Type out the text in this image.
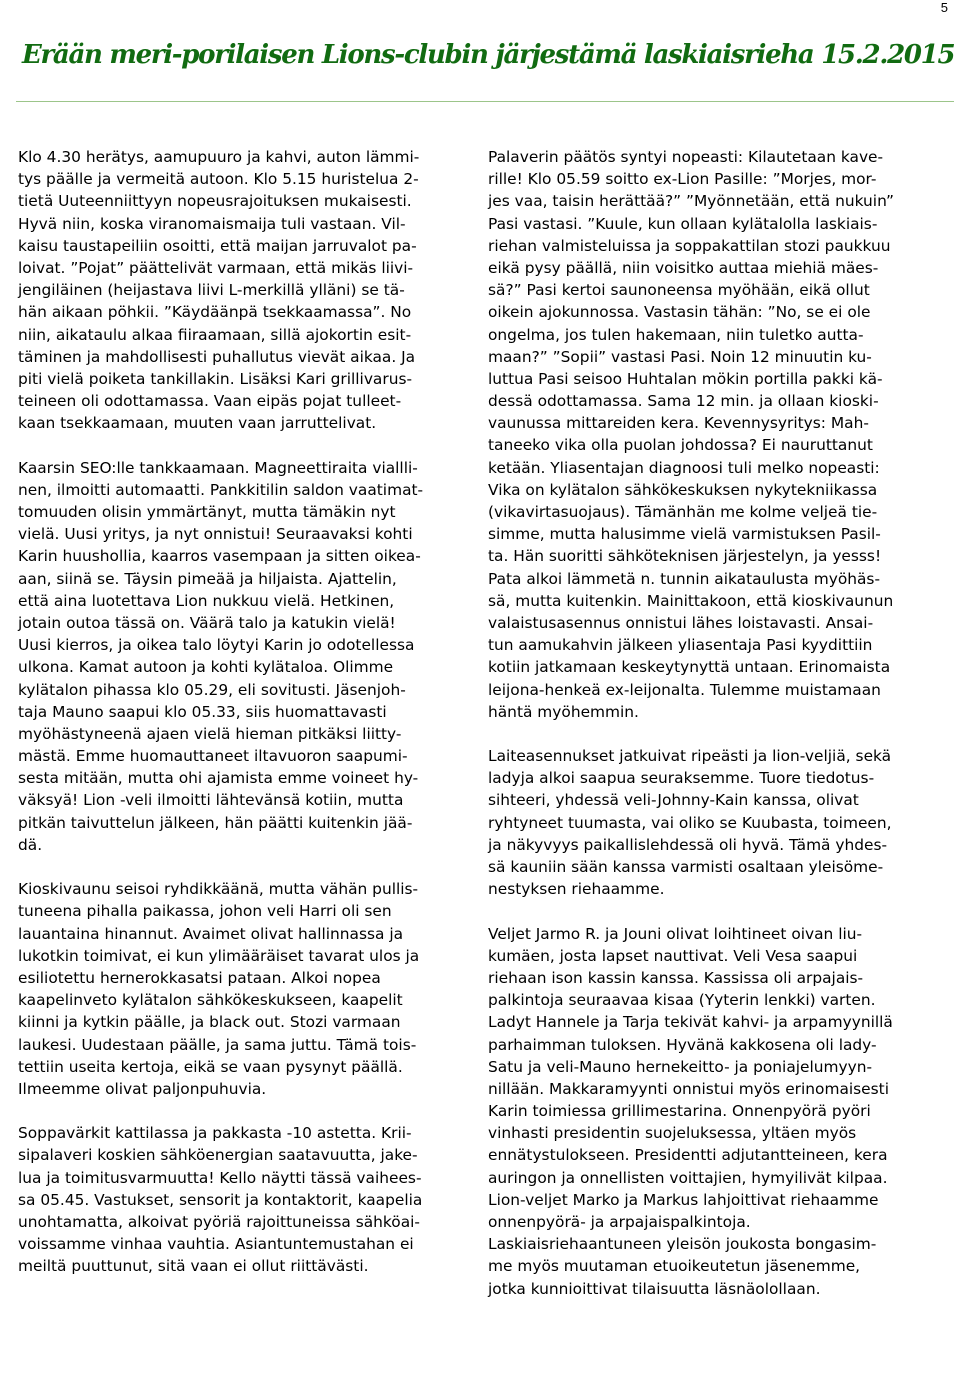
5
Erään meri-porilaisen Lions-clubin järjestämä laskiaisrieha 15.2.2015
Klo 4.30 herätys, aamupuuro ja kahvi, auton lämmi-
tys päälle ja vermeitä autoon. Klo 5.15 huristelua 2-
tietä Uuteenniittyyn nopeusrajoituksen mukaisesti.
Hyvä niin, koska viranomaismaija tuli vastaan. Vil-
kaisu taustapeiliin osoitti, että maijan jarruvalot pa-
loivat. ”Pojat” päättelivät varmaan, että mikäs liivi-
jengiläinen (heijastava liivi L-merkillä ylläni) se tä-
hän aikaan pöhkii. ”Käydäänpä tsekkaamassa”. No
niin, aikataulu alkaa fiiraamaan, sillä ajokortin esit-
täminen ja mahdollisesti puhallutus vievät aikaa. Ja
piti vielä poiketa tankillakin. Lisäksi Kari grillivarus-
teineen oli odottamassa. Vaan eipäs pojat tulleet-
kaan tsekkaamaan, muuten vaan jarruttelivat.
Kaarsin SEO:lle tankkaamaan. Magneettiraita viallli-
nen, ilmoitti automaatti. Pankkitilin saldon vaatimat-
tomuuden olisin ymmärtänyt, mutta tämäkin nyt
vielä. Uusi yritys, ja nyt onnistui! Seuraavaksi kohti
Karin huushollia, kaarros vasempaan ja sitten oikea-
aan, siinä se. Täysin pimeää ja hiljaista. Ajattelin,
että aina luotettava Lion nukkuu vielä. Hetkinen,
jotain outoa tässä on. Väärä talo ja katukin vielä!
Uusi kierros, ja oikea talo löytyi Karin jo odotellessa
ulkona. Kamat autoon ja kohti kylätaloa. Olimme
kylätalon pihassa klo 05.29, eli sovitusti. Jäsenjoh-
taja Mauno saapui klo 05.33, siis huomattavasti
myöhästyneenä ajaen vielä hieman pitkäksi liitty-
mästä. Emme huomauttaneet iltavuoron saapumi-
sesta mitään, mutta ohi ajamista emme voineet hy-
väksyä! Lion -veli ilmoitti lähtevänsä kotiin, mutta
pitkän taivuttelun jälkeen, hän päätti kuitenkin jää-
dä.
Kioskivaunu seisoi ryhdikkäänä, mutta vähän pullis-
tuneena pihalla paikassa, johon veli Harri oli sen
lauantaina hinannut. Avaimet olivat hallinnassa ja
lukotkin toimivat, ei kun ylimääräiset tavarat ulos ja
esiliotettu hernerokkasatsi pataan. Alkoi nopea
kaapelinveto kylätalon sähkökeskukseen, kaapelit
kiinni ja kytkin päälle, ja black out. Stozi varmaan
laukesi. Uudestaan päälle, ja sama juttu. Tämä tois-
tettiin useita kertoja, eikä se vaan pysynyt päällä.
Ilmeemme olivat paljonpuhuvia.
Soppavärkit kattilassa ja pakkasta -10 astetta. Krii-
sipalaveri koskien sähköenergian saatavuutta, jake-
lua ja toimitusvarmuutta! Kello näytti tässä vaihees-
sa 05.45. Vastukset, sensorit ja kontaktorit, kaapelia
unohtamatta, alkoivat pyöriä rajoittuneissa sähköai-
voissamme vinhaa vauhtia. Asiantuntemustahan ei
meiltä puuttunut, sitä vaan ei ollut riittävästi.
Palaverin päätös syntyi nopeasti: Kilautetaan kave-
rille! Klo 05.59 soitto ex-Lion Pasille: ”Morjes, mor-
jes vaa, taisin herättää?” ”Myönnetään, että nukuin”
Pasi vastasi. ”Kuule, kun ollaan kylätalolla laskiais-
riehan valmisteluissa ja soppakattilan stozi paukkuu
eikä pysy päällä, niin voisitko auttaa miehiä mäes-
sä?” Pasi kertoi saunoneensa myöhään, eikä ollut
oikein ajokunnossa. Vastasin tähän: ”No, se ei ole
ongelma, jos tulen hakemaan, niin tuletko autta-
maan?” ”Sopii” vastasi Pasi. Noin 12 minuutin ku-
luttua Pasi seisoo Huhtalan mökin portilla pakki kä-
dessä odottamassa. Sama 12 min. ja ollaan kioski-
vaunussa mittareiden kera. Kevennysyritys: Mah-
taneeko vika olla puolan johdossa? Ei nauruttanut
ketään. Yliasentajan diagnoosi tuli melko nopeasti:
Vika on kylätalon sähkökeskuksen nykytekniikassa
(vikavirtasuojaus). Tämänhän me kolme veljeä tie-
simme, mutta halusimme vielä varmistuksen Pasil-
ta. Hän suoritti sähköteknisen järjestelyn, ja yesss!
Pata alkoi lämmetä n. tunnin aikataulusta myöhäs-
sä, mutta kuitenkin. Mainittakoon, että kioskivaunun
valaistusasennus onnistui lähes loistavasti. Ansai-
tun aamukahvin jälkeen yliasentaja Pasi kyydittiin
kotiin jatkamaan keskeytynyttä untaan. Erinomaista
leijona-henkeä ex-leijonalta. Tulemme muistamaan
häntä myöhemmin.
Laiteasennukset jatkuivat ripeästi ja lion-veljiä, sekä
ladyja alkoi saapua seuraksemme. Tuore tiedotus-
sihteeri, yhdessä veli-Johnny-Kain kanssa, olivat
ryhtyneet tuumasta, vai oliko se Kuubasta, toimeen,
ja näkyvyys paikallislehdessä oli hyvä. Tämä yhdes-
sä kauniin sään kanssa varmisti osaltaan yleisöme-
nestyksen riehaamme.
Veljet Jarmo R. ja Jouni olivat loihtineet oivan liu-
kumäen, josta lapset nauttivat. Veli Vesa saapui
riehaan ison kassin kanssa. Kassissa oli arpajais-
palkintoja seuraavaa kisaa (Yyterin lenkki) varten.
Ladyt Hannele ja Tarja tekivät kahvi- ja arpamyynillä
parhaimman tuloksen. Hyvänä kakkosena oli lady-
Satu ja veli-Mauno hernekeitto- ja poniajelumyyn-
nillään. Makkaramyynti onnistui myös erinomaisesti
Karin toimiessa grillimestarina. Onnenpyörä pyöri
vinhasti presidentin suojeluksessa, yltäen myös
ennätystulokseen. Presidentti adjutantteineen, kera
auringon ja onnellisten voittajien, hymyilivät kilpaa.
Lion-veljet Marko ja Markus lahjoittivat riehaamme
onnenpyörä- ja arpajaispalkintoja.
Laskiaisriehaantuneen yleisön joukosta bongasim-
me myös muutaman etuoikeutetun jäsenemme,
jotka kunnioittivat tilaisuutta läsnäolollaan.
